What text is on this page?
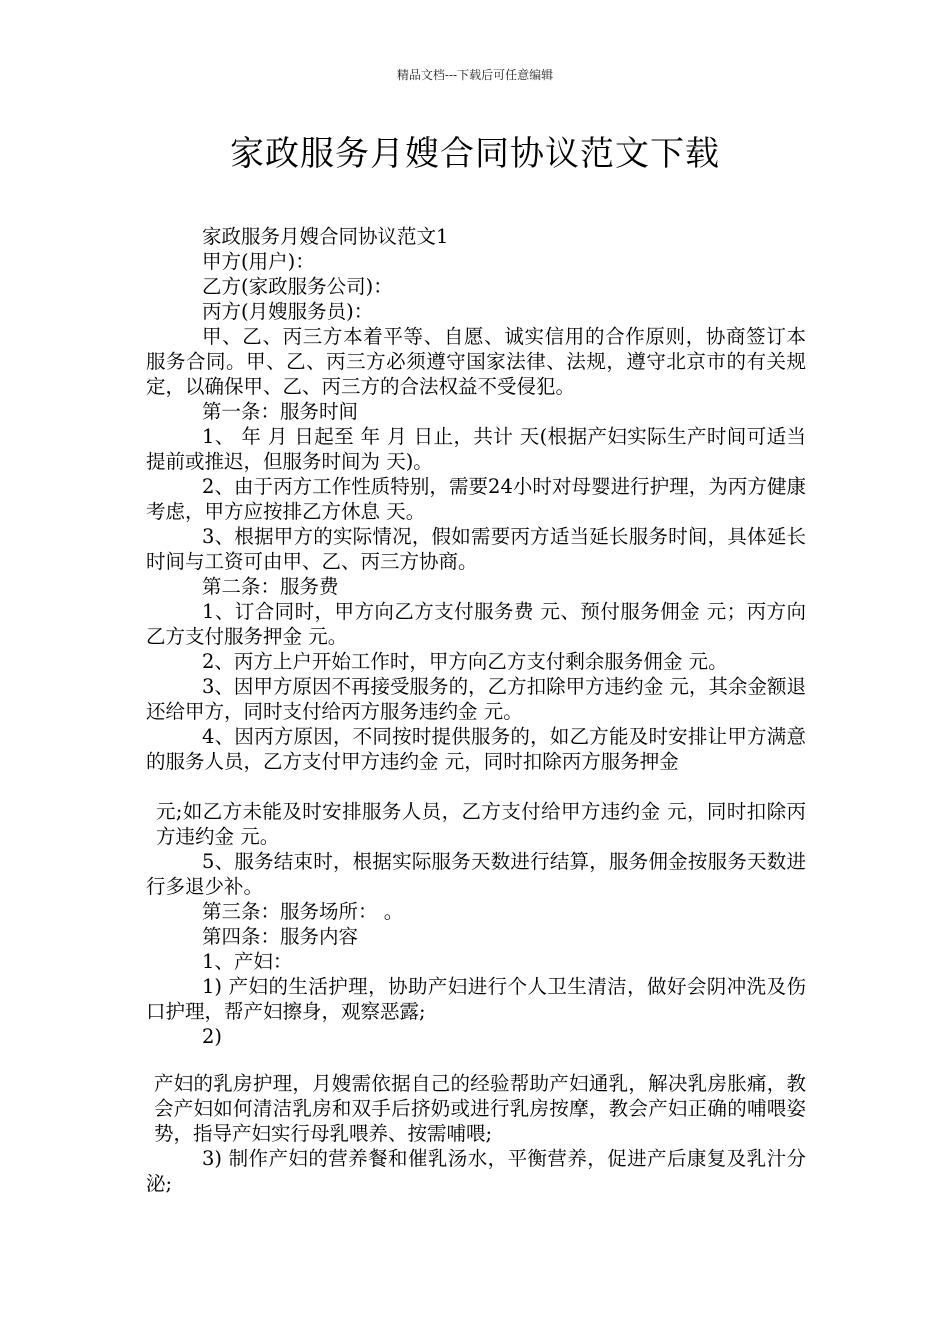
精品文档---下载后可任意编辑
家政服务月嫂合同协议范文下载

家政服务月嫂合同协议范文1

甲方(用户)：

乙方(家政服务公司)：

丙方(月嫂服务员)：

甲、乙、丙三方本着平等、自愿、诚实信用的合作原则，协商签订本服务合同。甲、乙、丙三方必须遵守国家法律、法规，遵守北京市的有关规定，以确保甲、乙、丙三方的合法权益不受侵犯。

第一条：服务时间

1、 年 月 日起至 年 月 日止，共计 天(根据产妇实际生产时间可适当提前或推迟，但服务时间为 天)。

2、由于丙方工作性质特别，需要24小时对母婴进行护理，为丙方健康考虑，甲方应按排乙方休息 天。

3、根据甲方的实际情况，假如需要丙方适当延长服务时间，具体延长时间与工资可由甲、乙、丙三方协商。

第二条：服务费

1、订合同时，甲方向乙方支付服务费 元、预付服务佣金 元；丙方向乙方支付服务押金 元。

2、丙方上户开始工作时，甲方向乙方支付剩余服务佣金 元。

3、因甲方原因不再接受服务的，乙方扣除甲方违约金 元，其余金额退还给甲方，同时支付给丙方服务违约金 元。

4、因丙方原因，不同按时提供服务的，如乙方能及时安排让甲方满意的服务人员，乙方支付甲方违约金 元，同时扣除丙方服务押金

元;如乙方未能及时安排服务人员，乙方支付给甲方违约金 元，同时扣除丙方违约金 元。

5、服务结束时，根据实际服务天数进行结算，服务佣金按服务天数进行多退少补。

第三条：服务场所： 。

第四条：服务内容

1、产妇：

1) 产妇的生活护理，协助产妇进行个人卫生清洁，做好会阴冲洗及伤口护理，帮产妇擦身，观察恶露;

2)

产妇的乳房护理，月嫂需依据自己的经验帮助产妇通乳，解决乳房胀痛，教会产妇如何清洁乳房和双手后挤奶或进行乳房按摩，教会产妇正确的哺喂姿势，指导产妇实行母乳喂养、按需哺喂;

3) 制作产妇的营养餐和催乳汤水，平衡营养，促进产后康复及乳汁分泌;
